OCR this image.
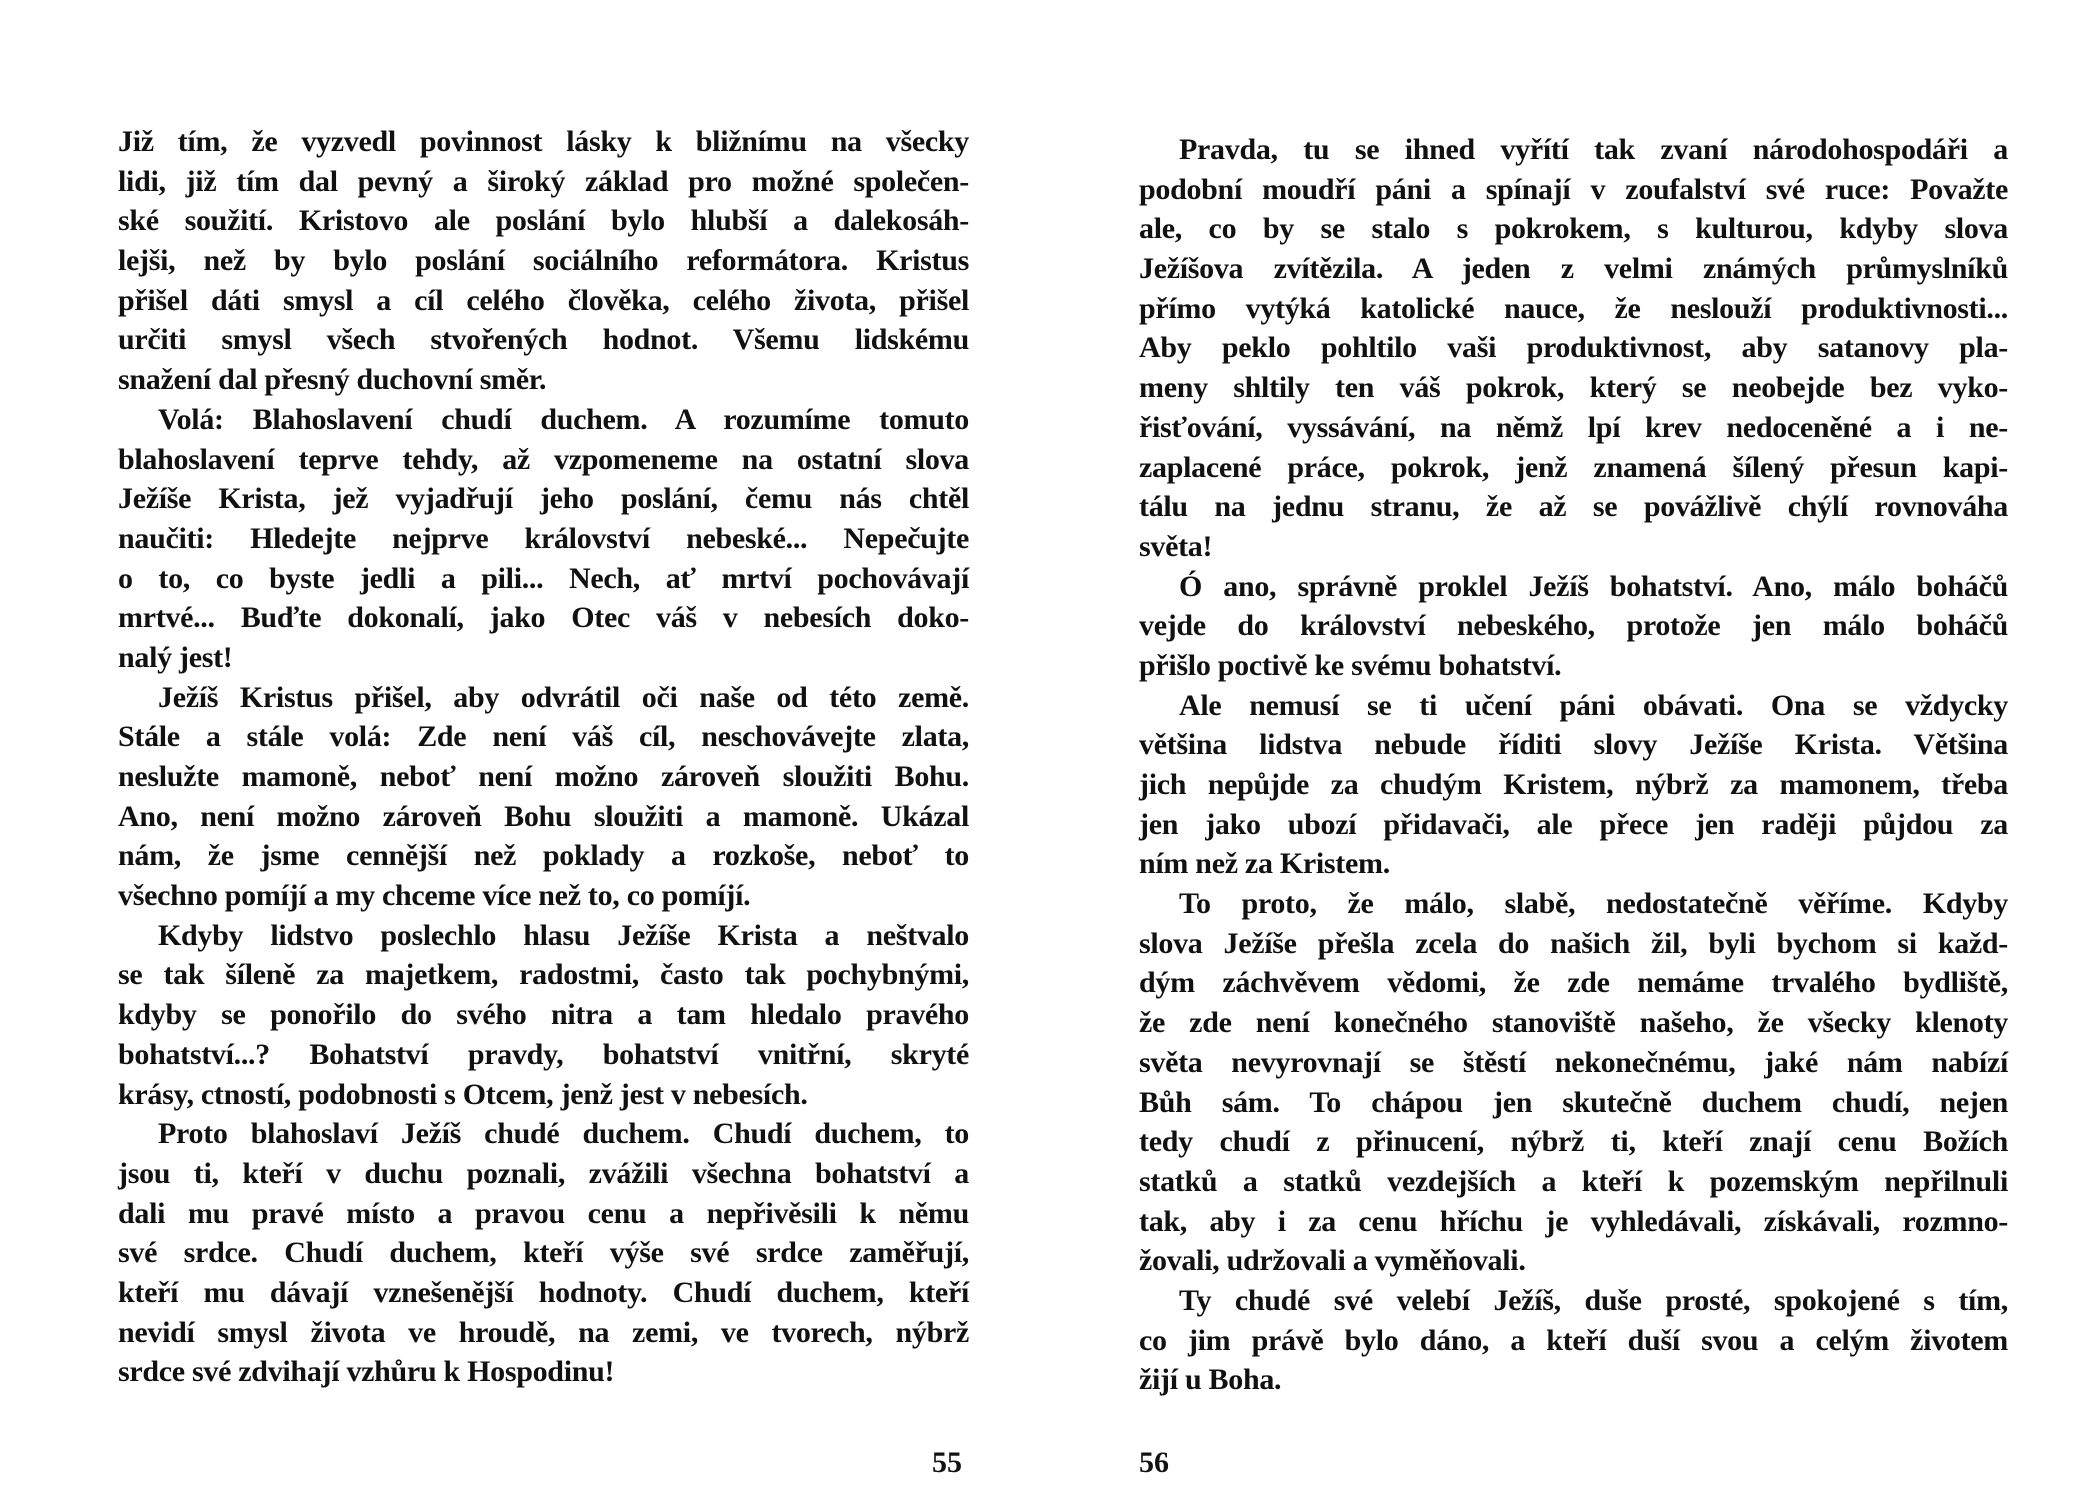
Již tím, že vyzvedl povinnost lásky k bližnímu na všecky
lidi, již tím dal pevný a široký základ pro možné společen-
ské soužití. Kristovo ale poslání bylo hlubší a dalekosáh-
lejši, než by bylo poslání sociálního reformátora. Kristus
přišel dáti smysl a cíl celého člověka, celého života, přišel
určiti smysl všech stvořených hodnot. Všemu lidskému
snažení dal přesný duchovní směr.
Volá: Blahoslavení chudí duchem. A rozumíme tomuto
blahoslavení teprve tehdy, až vzpomeneme na ostatní slova
Ježíše Krista, jež vyjadřují jeho poslání, čemu nás chtěl
naučiti: Hledejte nejprve království nebeské... Nepečujte
o to, co byste jedli a pili... Nech, ať mrtví pochovávají
mrtvé... Buďte dokonalí, jako Otec váš v nebesích doko-
nalý jest!
Ježíš Kristus přišel, aby odvrátil oči naše od této země.
Stále a stále volá: Zde není váš cíl, neschovávejte zlata,
neslužte mamoně, neboť není možno zároveň sloužiti Bohu.
Ano, není možno zároveň Bohu sloužiti a mamoně. Ukázal
nám, že jsme cennější než poklady a rozkoše, neboť to
všechno pomíjí a my chceme více než to, co pomíjí.
Kdyby lidstvo poslechlo hlasu Ježíše Krista a neštvalo
se tak šíleně za majetkem, radostmi, často tak pochybnými,
kdyby se ponořilo do svého nitra a tam hledalo pravého
bohatství...? Bohatství pravdy, bohatství vnitřní, skryté
krásy, ctností, podobnosti s Otcem, jenž jest v nebesích.
Proto blahoslaví Ježíš chudé duchem. Chudí duchem, to
jsou ti, kteří v duchu poznali, zvážili všechna bohatství a
dali mu pravé místo a pravou cenu a nepřivěsili k němu
své srdce. Chudí duchem, kteří výše své srdce zaměřují,
kteří mu dávají vznešenější hodnoty. Chudí duchem, kteří
nevidí smysl života ve hroudě, na zemi, ve tvorech, nýbrž
srdce své zdvihají vzhůru k Hospodinu!
Pravda, tu se ihned vyřítí tak zvaní národohospodáři a
podobní moudří páni a spínají v zoufalství své ruce: Považte
ale, co by se stalo s pokrokem, s kulturou, kdyby slova
Ježíšova zvítězila. A jeden z velmi známých průmyslníků
přímo vytýká katolické nauce, že neslouží produktivnosti...
Aby peklo pohltilo vaši produktivnost, aby satanovy pla-
meny shltily ten váš pokrok, který se neobejde bez vyko-
řisťování, vyssávání, na němž lpí krev nedoceněné a i ne-
zaplacené práce, pokrok, jenž znamená šílený přesun kapi-
tálu na jednu stranu, že až se povážlivě chýlí rovnováha
světa!
Ó ano, správně proklel Ježíš bohatství. Ano, málo boháčů
vejde do království nebeského, protože jen málo boháčů
přišlo poctivě ke svému bohatství.
Ale nemusí se ti učení páni obávati. Ona se vždycky
většina lidstva nebude říditi slovy Ježíše Krista. Většina
jich nepůjde za chudým Kristem, nýbrž za mamonem, třeba
jen jako ubozí přidavači, ale přece jen raději půjdou za
ním než za Kristem.
To proto, že málo, slabě, nedostatečně věříme. Kdyby
slova Ježíše přešla zcela do našich žil, byli bychom si každ-
dým záchvěvem vědomi, že zde nemáme trvalého bydliště,
že zde není konečného stanoviště našeho, že všecky klenoty
světa nevyrovnají se štěstí nekonečnému, jaké nám nabízí
Bůh sám. To chápou jen skutečně duchem chudí, nejen
tedy chudí z přinucení, nýbrž ti, kteří znají cenu Božích
statků a statků vezdejších a kteří k pozemským nepřilnuli
tak, aby i za cenu hříchu je vyhledávali, získávali, rozmno-
žovali, udržovali a vyměňovali.
Ty chudé své velebí Ježíš, duše prosté, spokojené s tím,
co jim právě bylo dáno, a kteří duší svou a celým životem
žijí u Boha.
55	56
